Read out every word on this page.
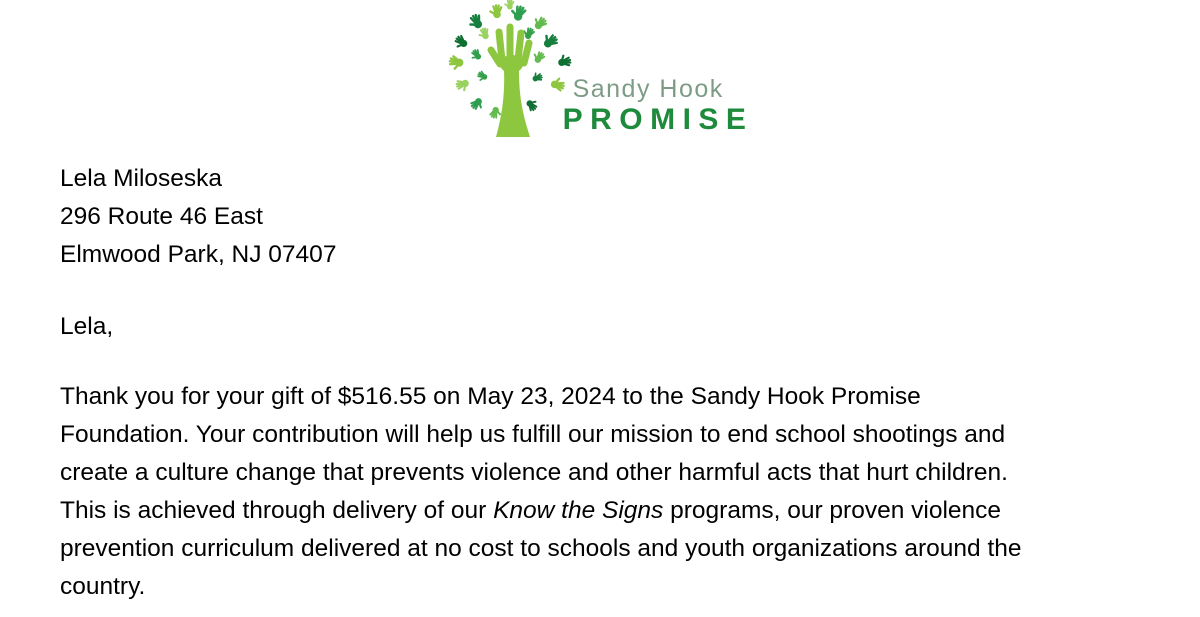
Sandy Hook
PROMISE
Lela Miloseska
296 Route 46 East
Elmwood Park, NJ 07407
Lela,
Thank you for your gift of $516.55 on May 23, 2024 to the Sandy Hook Promise
Foundation. Your contribution will help us fulfill our mission to end school shootings and
create a culture change that prevents violence and other harmful acts that hurt children.
This is achieved through delivery of our Know the Signs programs, our proven violence
prevention curriculum delivered at no cost to schools and youth organizations around the
country.
